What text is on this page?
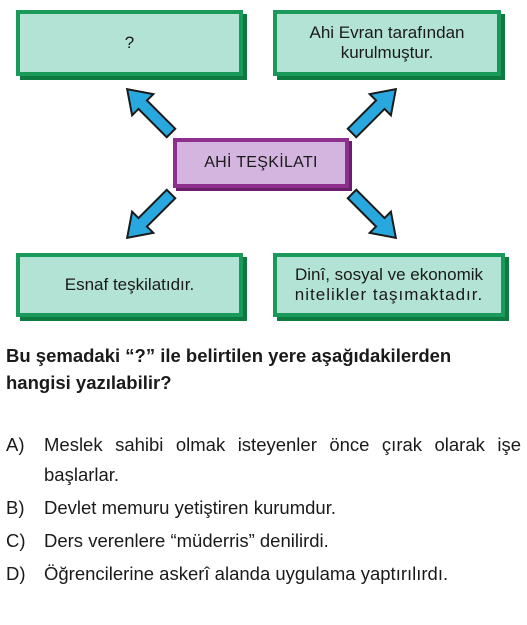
?
Ahi Evran tarafından kurulmuştur.
AHİ TEŞKİLATI
Esnaf teşkilatıdır.
Dinî, sosyal ve ekonomik
nitelikler taşımaktadır.
Bu şemadaki “?” ile belirtilen yere aşağıdakilerden hangisi yazılabilir?
A) Meslek sahibi olmak isteyenler önce çırak olarak işe başlarlar.
B) Devlet memuru yetiştiren kurumdur.
C) Ders verenlere “müderris” denilirdi.
D) Öğrencilerine askerî alanda uygulama yaptırılırdı.
